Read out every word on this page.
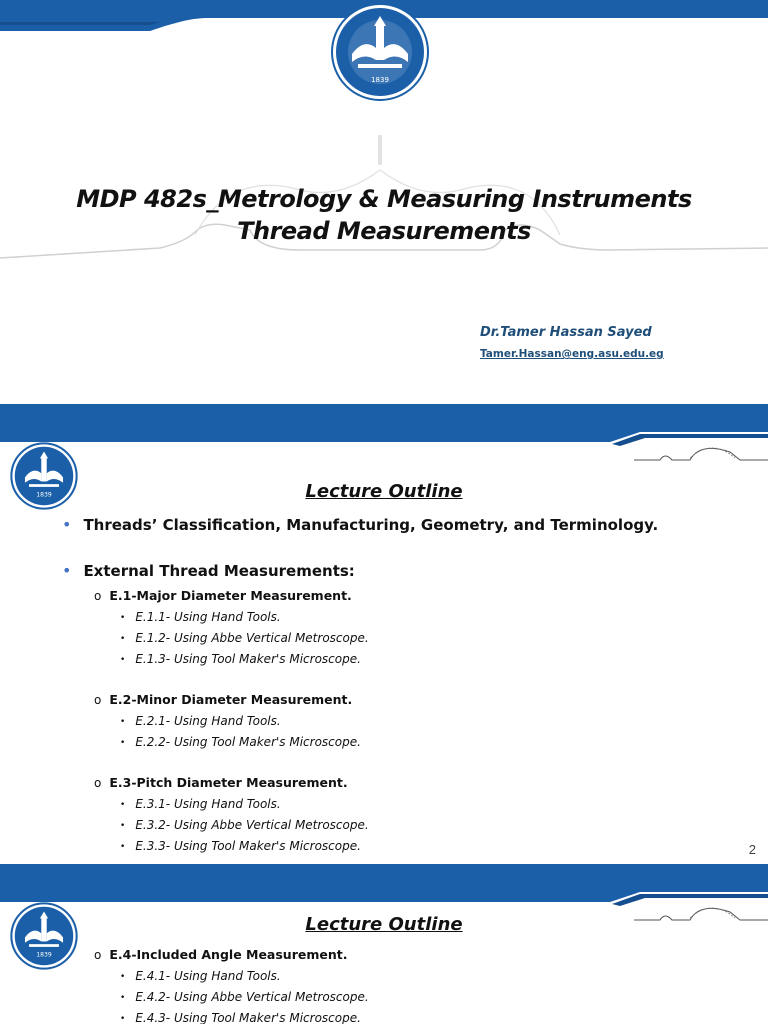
1839
MDP 482s_Metrology & Measuring Instruments
Thread Measurements
Dr.Tamer Hassan Sayed
Tamer.Hassan@eng.asu.edu.eg
1839	Lecture Outline
• Threads’ Classification, Manufacturing, Geometry, and Terminology.
• External Thread Measurements:
o E.1-Major Diameter Measurement.
• E.1.1- Using Hand Tools.
• E.1.2- Using Abbe Vertical Metroscope.
• E.1.3- Using Tool Maker's Microscope.
o E.2-Minor Diameter Measurement.
• E.2.1- Using Hand Tools.
• E.2.2- Using Tool Maker's Microscope.
o E.3-Pitch Diameter Measurement.
• E.3.1- Using Hand Tools.
• E.3.2- Using Abbe Vertical Metroscope.
• E.3.3- Using Tool Maker's Microscope.	2
1839
Lecture Outline
o E.4-Included Angle Measurement.
• E.4.1- Using Hand Tools.
• E.4.2- Using Abbe Vertical Metroscope.
• E.4.3- Using Tool Maker's Microscope.
